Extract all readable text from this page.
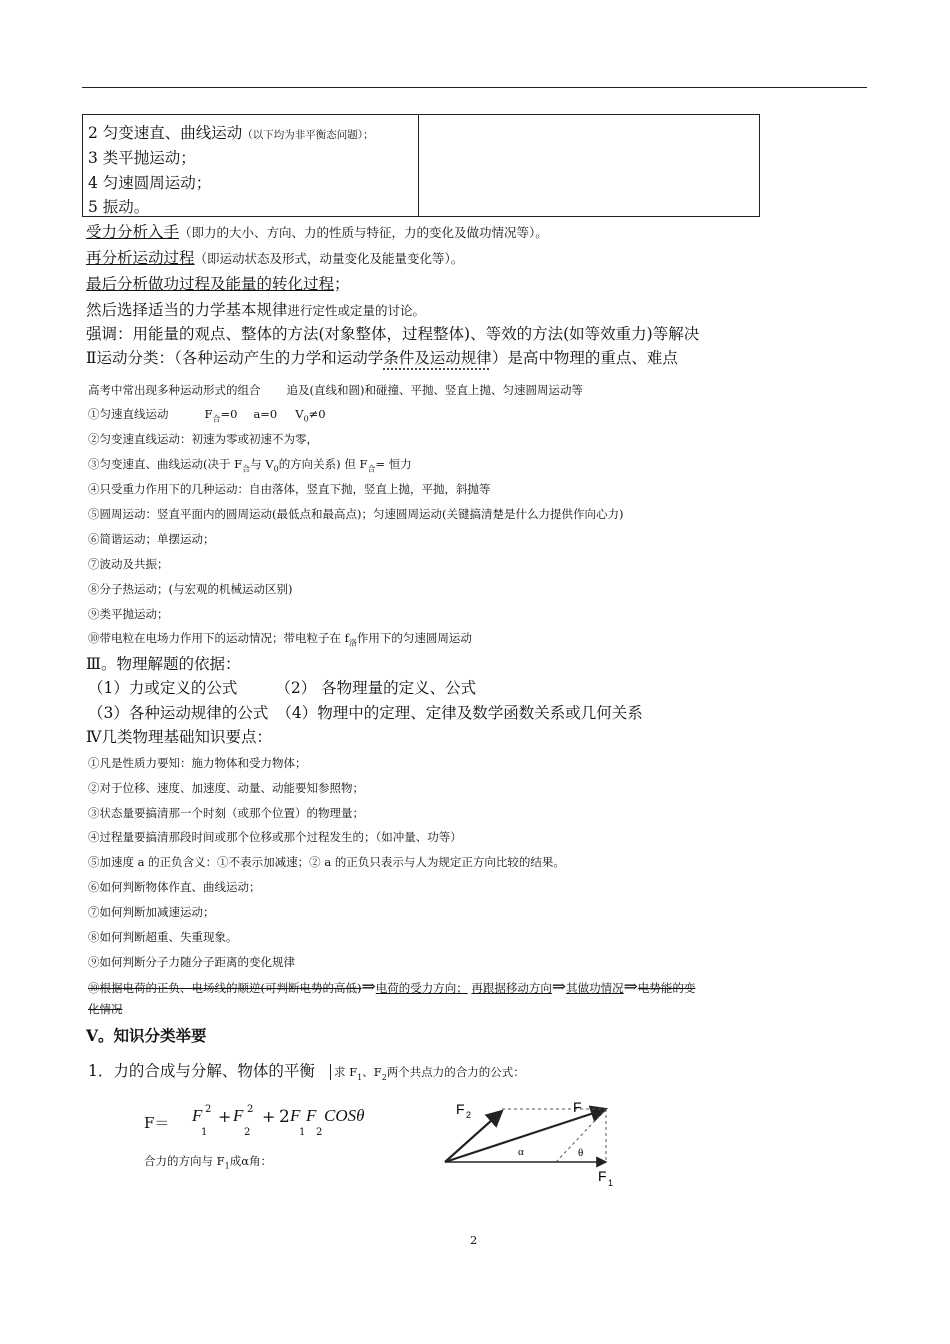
2 匀变速直、曲线运动（以下均为非平衡态问题）；
3 类平抛运动；
4 匀速圆周运动；
5 振动。
受力分析入手（即力的大小、方向、力的性质与特征，力的变化及做功情况等）。
再分析运动过程（即运动状态及形式，动量变化及能量变化等）。
最后分析做功过程及能量的转化过程；
然后选择适当的力学基本规律进行定性或定量的讨论。
强调：用能量的观点、整体的方法(对象整体，过程整体)、等效的方法(如等效重力)等解决
Ⅱ运动分类：（各种运动产生的力学和运动学条件及运动规律）是高中物理的重点、难点
高考中常出现多种运动形式的组合 追及(直线和圆)和碰撞、平抛、竖直上抛、匀速圆周运动等
①匀速直线运动	$F_合=0$ a=0 $V_0\ne 0$
②匀变速直线运动：初速为零或初速不为零，
③匀变速直、曲线运动(决于 $F_合$与 $V_0$的方向关系) 但 $F_合=$ 恒力
④只受重力作用下的几种运动：自由落体，竖直下抛，竖直上抛，平抛，斜抛等
⑤圆周运动：竖直平面内的圆周运动(最低点和最高点)；匀速圆周运动(关键搞清楚是什么力提供作向心力)
⑥简谐运动；单摆运动；
⑦波动及共振；
⑧分子热运动；(与宏观的机械运动区别)
⑨类平抛运动；
⑩带电粒在电场力作用下的运动情况；带电粒子在 $f_洛$作用下的匀速圆周运动
Ⅲ。物理解题的依据：
（1）力或定义的公式 （2） 各物理量的定义、公式
（3）各种运动规律的公式 （4）物理中的定理、定律及数学函数关系或几何关系
Ⅳ几类物理基础知识要点：
①凡是性质力要知：施力物体和受力物体；
②对于位移、速度、加速度、动量、动能要知参照物；
③状态量要搞清那一个时刻（或那个位置）的物理量；
④过程量要搞清那段时间或那个位移或那个过程发生的；（如冲量、功等）
⑤加速度 a 的正负含义：①不表示加减速；② a 的正负只表示与人为规定正方向比较的结果。
⑥如何判断物体作直、曲线运动；
⑦如何判断加减速运动；
⑧如何判断超重、失重现象。
⑨如何判断分子力随分子距离的变化规律
⑩根据电荷的正负、电场线的顺逆(可判断电势的高低)⇒电荷的受力方向； 再跟据移动方向⇒其做功情况⇒电势能的变
化情况
V。知识分类举要
1．力的合成与分解、物体的平衡 求 $F_1$、$F_2$两个共点力的合力的公式：
F＝ F 2
1
+ F 2
2
+ 2 F
1
F
2
COSθ
合力的方向与 $F_1$成α角：
F 2	F
α	θ
F 1
2
